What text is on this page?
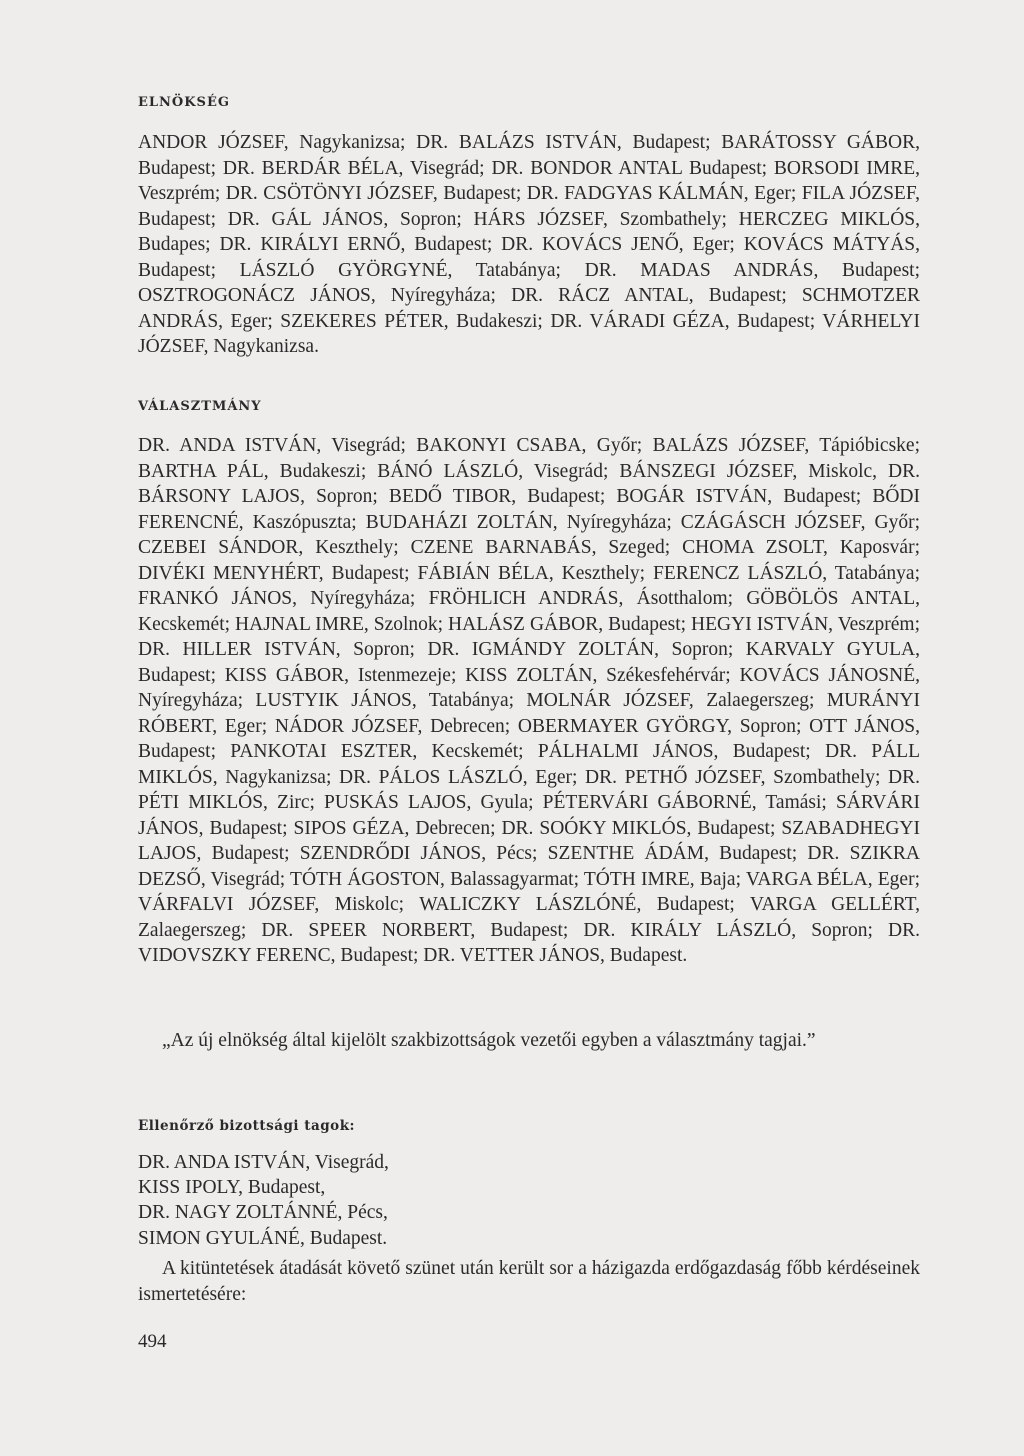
ELNÖKSÉG

ANDOR JÓZSEF, Nagykanizsa; DR. BALÁZS ISTVÁN, Budapest; BARÁTOSSY GÁBOR, Budapest; DR. BERDÁR BÉLA, Visegrád; DR. BONDOR ANTAL Budapest; BORSODI IMRE, Veszprém; DR. CSÖTÖNYI JÓZSEF, Budapest; DR. FADGYAS KÁLMÁN, Eger; FILA JÓZSEF, Budapest; DR. GÁL JÁNOS, Sopron; HÁRS JÓZSEF, Szombathely; HERCZEG MIKLÓS, Budapes; DR. KIRÁLYI ERNŐ, Budapest; DR. KOVÁCS JENŐ, Eger; KOVÁCS MÁTYÁS, Budapest; LÁSZLÓ GYÖRGYNÉ, Tatabánya; DR. MADAS ANDRÁS, Budapest; OSZTROGONÁCZ JÁNOS, Nyíregyháza; DR. RÁCZ ANTAL, Budapest; SCHMOTZER ANDRÁS, Eger; SZEKERES PÉTER, Budakeszi; DR. VÁRADI GÉZA, Budapest; VÁRHELYI JÓZSEF, Nagykanizsa.

VÁLASZTMÁNY

DR. ANDA ISTVÁN, Visegrád; BAKONYI CSABA, Győr; BALÁZS JÓZSEF, Tápióbicske; BARTHA PÁL, Budakeszi; BÁNÓ LÁSZLÓ, Visegrád; BÁNSZEGI JÓZSEF, Miskolc, DR. BÁRSONY LAJOS, Sopron; BEDŐ TIBOR, Budapest; BOGÁR ISTVÁN, Budapest; BŐDI FERENCNÉ, Kaszópuszta; BUDAHÁZI ZOLTÁN, Nyíregyháza; CZÁGÁSCH JÓZSEF, Győr; CZEBEI SÁNDOR, Keszthely; CZENE BARNABÁS, Szeged; CHOMA ZSOLT, Kaposvár; DIVÉKI MENYHÉRT, Budapest; FÁBIÁN BÉLA, Keszthely; FERENCZ LÁSZLÓ, Tatabánya; FRANKÓ JÁNOS, Nyíregyháza; FRÖHLICH ANDRÁS, Ásotthalom; GÖBÖLÖS ANTAL, Kecskemét; HAJNAL IMRE, Szolnok; HALÁSZ GÁBOR, Budapest; HEGYI ISTVÁN, Veszprém; DR. HILLER ISTVÁN, Sopron; DR. IGMÁNDY ZOLTÁN, Sopron; KARVALY GYULA, Budapest; KISS GÁBOR, Istenmezeje; KISS ZOLTÁN, Székesfehérvár; KOVÁCS JÁNOSNÉ, Nyíregyháza; LUSTYIK JÁNOS, Tatabánya; MOLNÁR JÓZSEF, Zalaegerszeg; MURÁNYI RÓBERT, Eger; NÁDOR JÓZSEF, Debrecen; OBERMAYER GYÖRGY, Sopron; OTT JÁNOS, Budapest; PANKOTAI ESZTER, Kecskemét; PÁLHALMI JÁNOS, Budapest; DR. PÁLL MIKLÓS, Nagykanizsa; DR. PÁLOS LÁSZLÓ, Eger; DR. PETHŐ JÓZSEF, Szombathely; DR. PÉTI MIKLÓS, Zirc; PUSKÁS LAJOS, Gyula; PÉTERVÁRI GÁBORNÉ, Tamási; SÁRVÁRI JÁNOS, Budapest; SIPOS GÉZA, Debrecen; DR. SOÓKY MIKLÓS, Budapest; SZABADHEGYI LAJOS, Budapest; SZENDRŐDI JÁNOS, Pécs; SZENTHE ÁDÁM, Budapest; DR. SZIKRA DEZSŐ, Visegrád; TÓTH ÁGOSTON, Balassagyarmat; TÓTH IMRE, Baja; VARGA BÉLA, Eger; VÁRFALVI JÓZSEF, Miskolc; WALICZKY LÁSZLÓNÉ, Budapest; VARGA GELLÉRT, Zalaegerszeg; DR. SPEER NORBERT, Budapest; DR. KIRÁLY LÁSZLÓ, Sopron; DR. VIDOVSZKY FERENC, Budapest; DR. VETTER JÁNOS, Budapest.

„Az új elnökség által kijelölt szakbizottságok vezetői egyben a választmány tagjai.”

Ellenőrző bizottsági tagok:
DR. ANDA ISTVÁN, Visegrád,
KISS IPOLY, Budapest,
DR. NAGY ZOLTÁNNÉ, Pécs,
SIMON GYULÁNÉ, Budapest.

A kitüntetések átadását követő szünet után került sor a házigazda erdőgazdaság főbb kérdéseinek ismertetésére:

494
